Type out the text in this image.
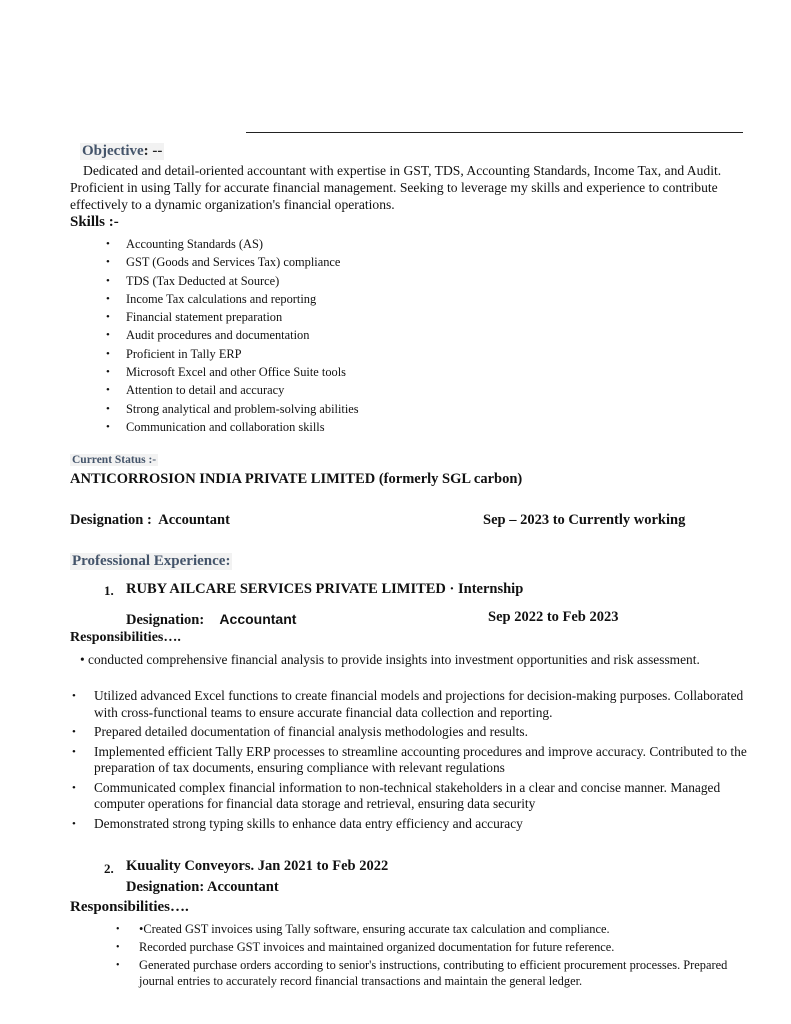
Objective: --
Dedicated and detail-oriented accountant with expertise in GST, TDS, Accounting Standards, Income Tax, and Audit. Proficient in using Tally for accurate financial management. Seeking to leverage my skills and experience to contribute effectively to a dynamic organization's financial operations.
Skills :-
• Accounting Standards (AS)
• GST (Goods and Services Tax) compliance
• TDS (Tax Deducted at Source)
• Income Tax calculations and reporting
• Financial statement preparation
• Audit procedures and documentation
• Proficient in Tally ERP
• Microsoft Excel and other Office Suite tools
• Attention to detail and accuracy
• Strong analytical and problem-solving abilities
• Communication and collaboration skills
Current Status :-
ANTICORROSION INDIA PRIVATE LIMITED (formerly SGL carbon)
Designation : Accountant	Sep – 2023 to Currently working
Professional Experience:
1. RUBY AILCARE SERVICES PRIVATE LIMITED · Internship
Designation: Accountant	Sep 2022 to Feb 2023
Responsibilities….
• conducted comprehensive financial analysis to provide insights into investment opportunities and risk assessment.
• Utilized advanced Excel functions to create financial models and projections for decision-making purposes. Collaborated with cross-functional teams to ensure accurate financial data collection and reporting.
• Prepared detailed documentation of financial analysis methodologies and results.
• Implemented efficient Tally ERP processes to streamline accounting procedures and improve accuracy. Contributed to the preparation of tax documents, ensuring compliance with relevant regulations
• Communicated complex financial information to non-technical stakeholders in a clear and concise manner. Managed computer operations for financial data storage and retrieval, ensuring data security
• Demonstrated strong typing skills to enhance data entry efficiency and accuracy
2. Kuuality Conveyors. Jan 2021 to Feb 2022
Designation: Accountant
Responsibilities….
• •Created GST invoices using Tally software, ensuring accurate tax calculation and compliance.
• Recorded purchase GST invoices and maintained organized documentation for future reference.
• Generated purchase orders according to senior's instructions, contributing to efficient procurement processes. Prepared journal entries to accurately record financial transactions and maintain the general ledger.
